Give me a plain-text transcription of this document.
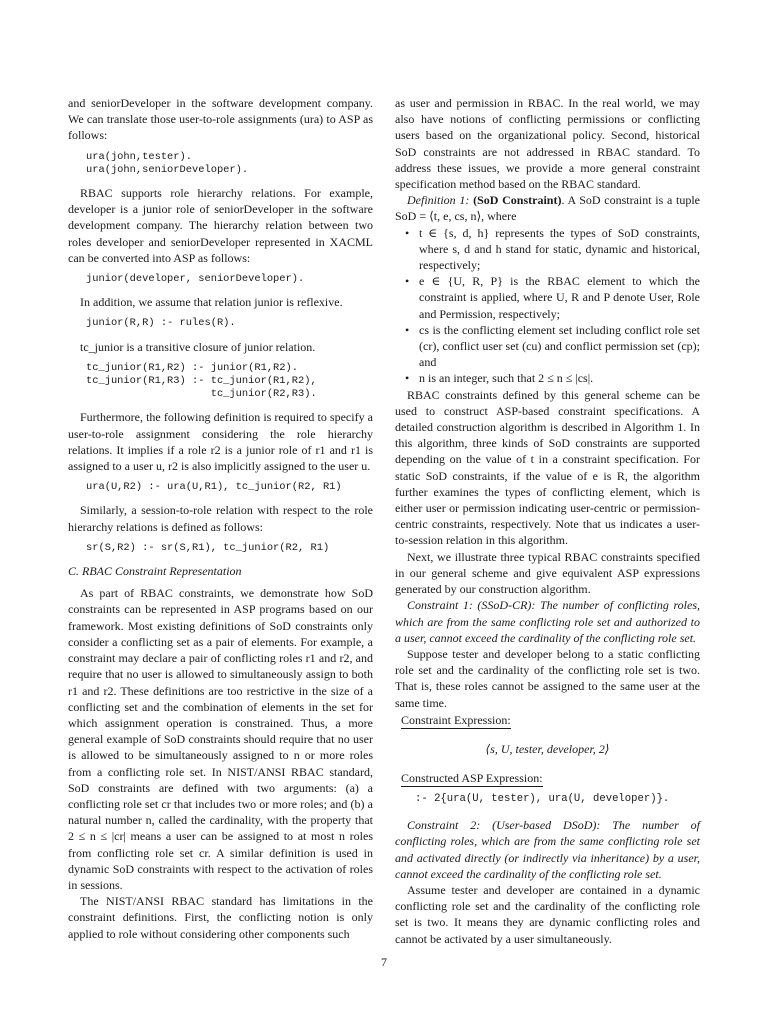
and seniorDeveloper in the software development company. We can translate those user-to-role assignments (ura) to ASP as follows:

ura(john,tester).
ura(john,seniorDeveloper).

RBAC supports role hierarchy relations. For example, developer is a junior role of seniorDeveloper in the software development company. The hierarchy relation between two roles developer and seniorDeveloper represented in XACML can be converted into ASP as follows:

junior(developer, seniorDeveloper).

In addition, we assume that relation junior is reflexive.

junior(R,R) :- rules(R).

tc_junior is a transitive closure of junior relation.

tc_junior(R1,R2) :- junior(R1,R2).
tc_junior(R1,R3) :- tc_junior(R1,R2),
tc_junior(R2,R3).

Furthermore, the following definition is required to specify a user-to-role assignment considering the role hierarchy relations. It implies if a role r2 is a junior role of r1 and r1 is assigned to a user u, r2 is also implicitly assigned to the user u.

ura(U,R2) :- ura(U,R1), tc_junior(R2, R1)

Similarly, a session-to-role relation with respect to the role hierarchy relations is defined as follows:

sr(S,R2) :- sr(S,R1), tc_junior(R2, R1)
C. RBAC Constraint Representation

As part of RBAC constraints, we demonstrate how SoD constraints can be represented in ASP programs based on our framework. Most existing definitions of SoD constraints only consider a conflicting set as a pair of elements. For example, a constraint may declare a pair of conflicting roles r1 and r2, and require that no user is allowed to simultaneously assign to both r1 and r2. These definitions are too restrictive in the size of a conflicting set and the combination of elements in the set for which assignment operation is constrained. Thus, a more general example of SoD constraints should require that no user is allowed to be simultaneously assigned to n or more roles from a conflicting role set. In NIST/ANSI RBAC standard, SoD constraints are defined with two arguments: (a) a conflicting role set cr that includes two or more roles; and (b) a natural number n, called the cardinality, with the property that 2 ≤ n ≤ |cr| means a user can be assigned to at most n roles from conflicting role set cr. A similar definition is used in dynamic SoD constraints with respect to the activation of roles in sessions.

The NIST/ANSI RBAC standard has limitations in the constraint definitions. First, the conflicting notion is only applied to role without considering other components such

as user and permission in RBAC. In the real world, we may also have notions of conflicting permissions or conflicting users based on the organizational policy. Second, historical SoD constraints are not addressed in RBAC standard. To address these issues, we provide a more general constraint specification method based on the RBAC standard.

Definition 1: (SoD Constraint). A SoD constraint is a tuple SoD = ⟨t, e, cs, n⟩, where

• t ∈ {s, d, h} represents the types of SoD constraints, where s, d and h stand for static, dynamic and historical, respectively;
• e ∈ {U, R, P} is the RBAC element to which the constraint is applied, where U, R and P denote User, Role and Permission, respectively;
• cs is the conflicting element set including conflict role set (cr), conflict user set (cu) and conflict permission set (cp); and
• n is an integer, such that 2 ≤ n ≤ |cs|.

RBAC constraints defined by this general scheme can be used to construct ASP-based constraint specifications. A detailed construction algorithm is described in Algorithm 1. In this algorithm, three kinds of SoD constraints are supported depending on the value of t in a constraint specification. For static SoD constraints, if the value of e is R, the algorithm further examines the types of conflicting element, which is either user or permission indicating user-centric or permission-centric constraints, respectively. Note that us indicates a user-to-session relation in this algorithm.

Next, we illustrate three typical RBAC constraints specified in our general scheme and give equivalent ASP expressions generated by our construction algorithm.

Constraint 1: (SSoD-CR): The number of conflicting roles, which are from the same conflicting role set and authorized to a user, cannot exceed the cardinality of the conflicting role set.

Suppose tester and developer belong to a static conflicting role set and the cardinality of the conflicting role set is two. That is, these roles cannot be assigned to the same user at the same time.

Constraint Expression:
⟨s, U, tester, developer, 2⟩
Constructed ASP Expression:
:- 2{ura(U, tester), ura(U, developer)}.

Constraint 2: (User-based DSoD): The number of conflicting roles, which are from the same conflicting role set and activated directly (or indirectly via inheritance) by a user, cannot exceed the cardinality of the conflicting role set.

Assume tester and developer are contained in a dynamic conflicting role set and the cardinality of the conflicting role set is two. It means they are dynamic conflicting roles and cannot be activated by a user simultaneously.

7
